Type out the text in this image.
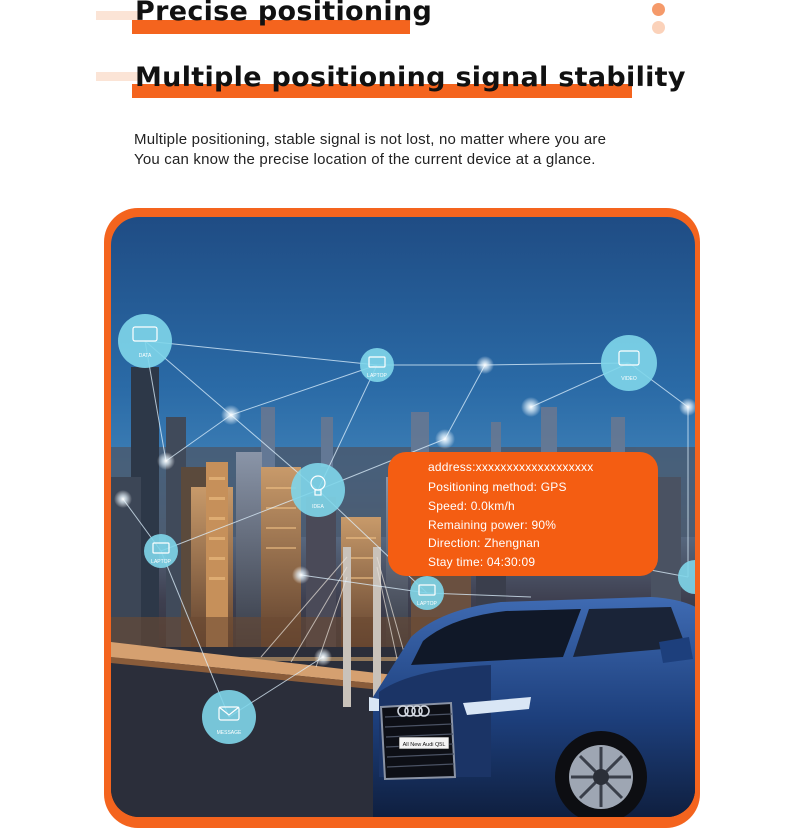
Precise positioning
Multiple positioning signal stability
Multiple positioning, stable signal is not lost, no matter where you are
You can know the precise location of the current device at a glance.
DATA
LAPTOP	VIDEO
IDEA
LAPTOP
LAPTOP
MESSAGE
All New Audi Q5L
address:xxxxxxxxxxxxxxxxxxx
Positioning method: GPS
Speed: 0.0km/h
Remaining power: 90%
Direction: Zhengnan
Stay time: 04:30:09
